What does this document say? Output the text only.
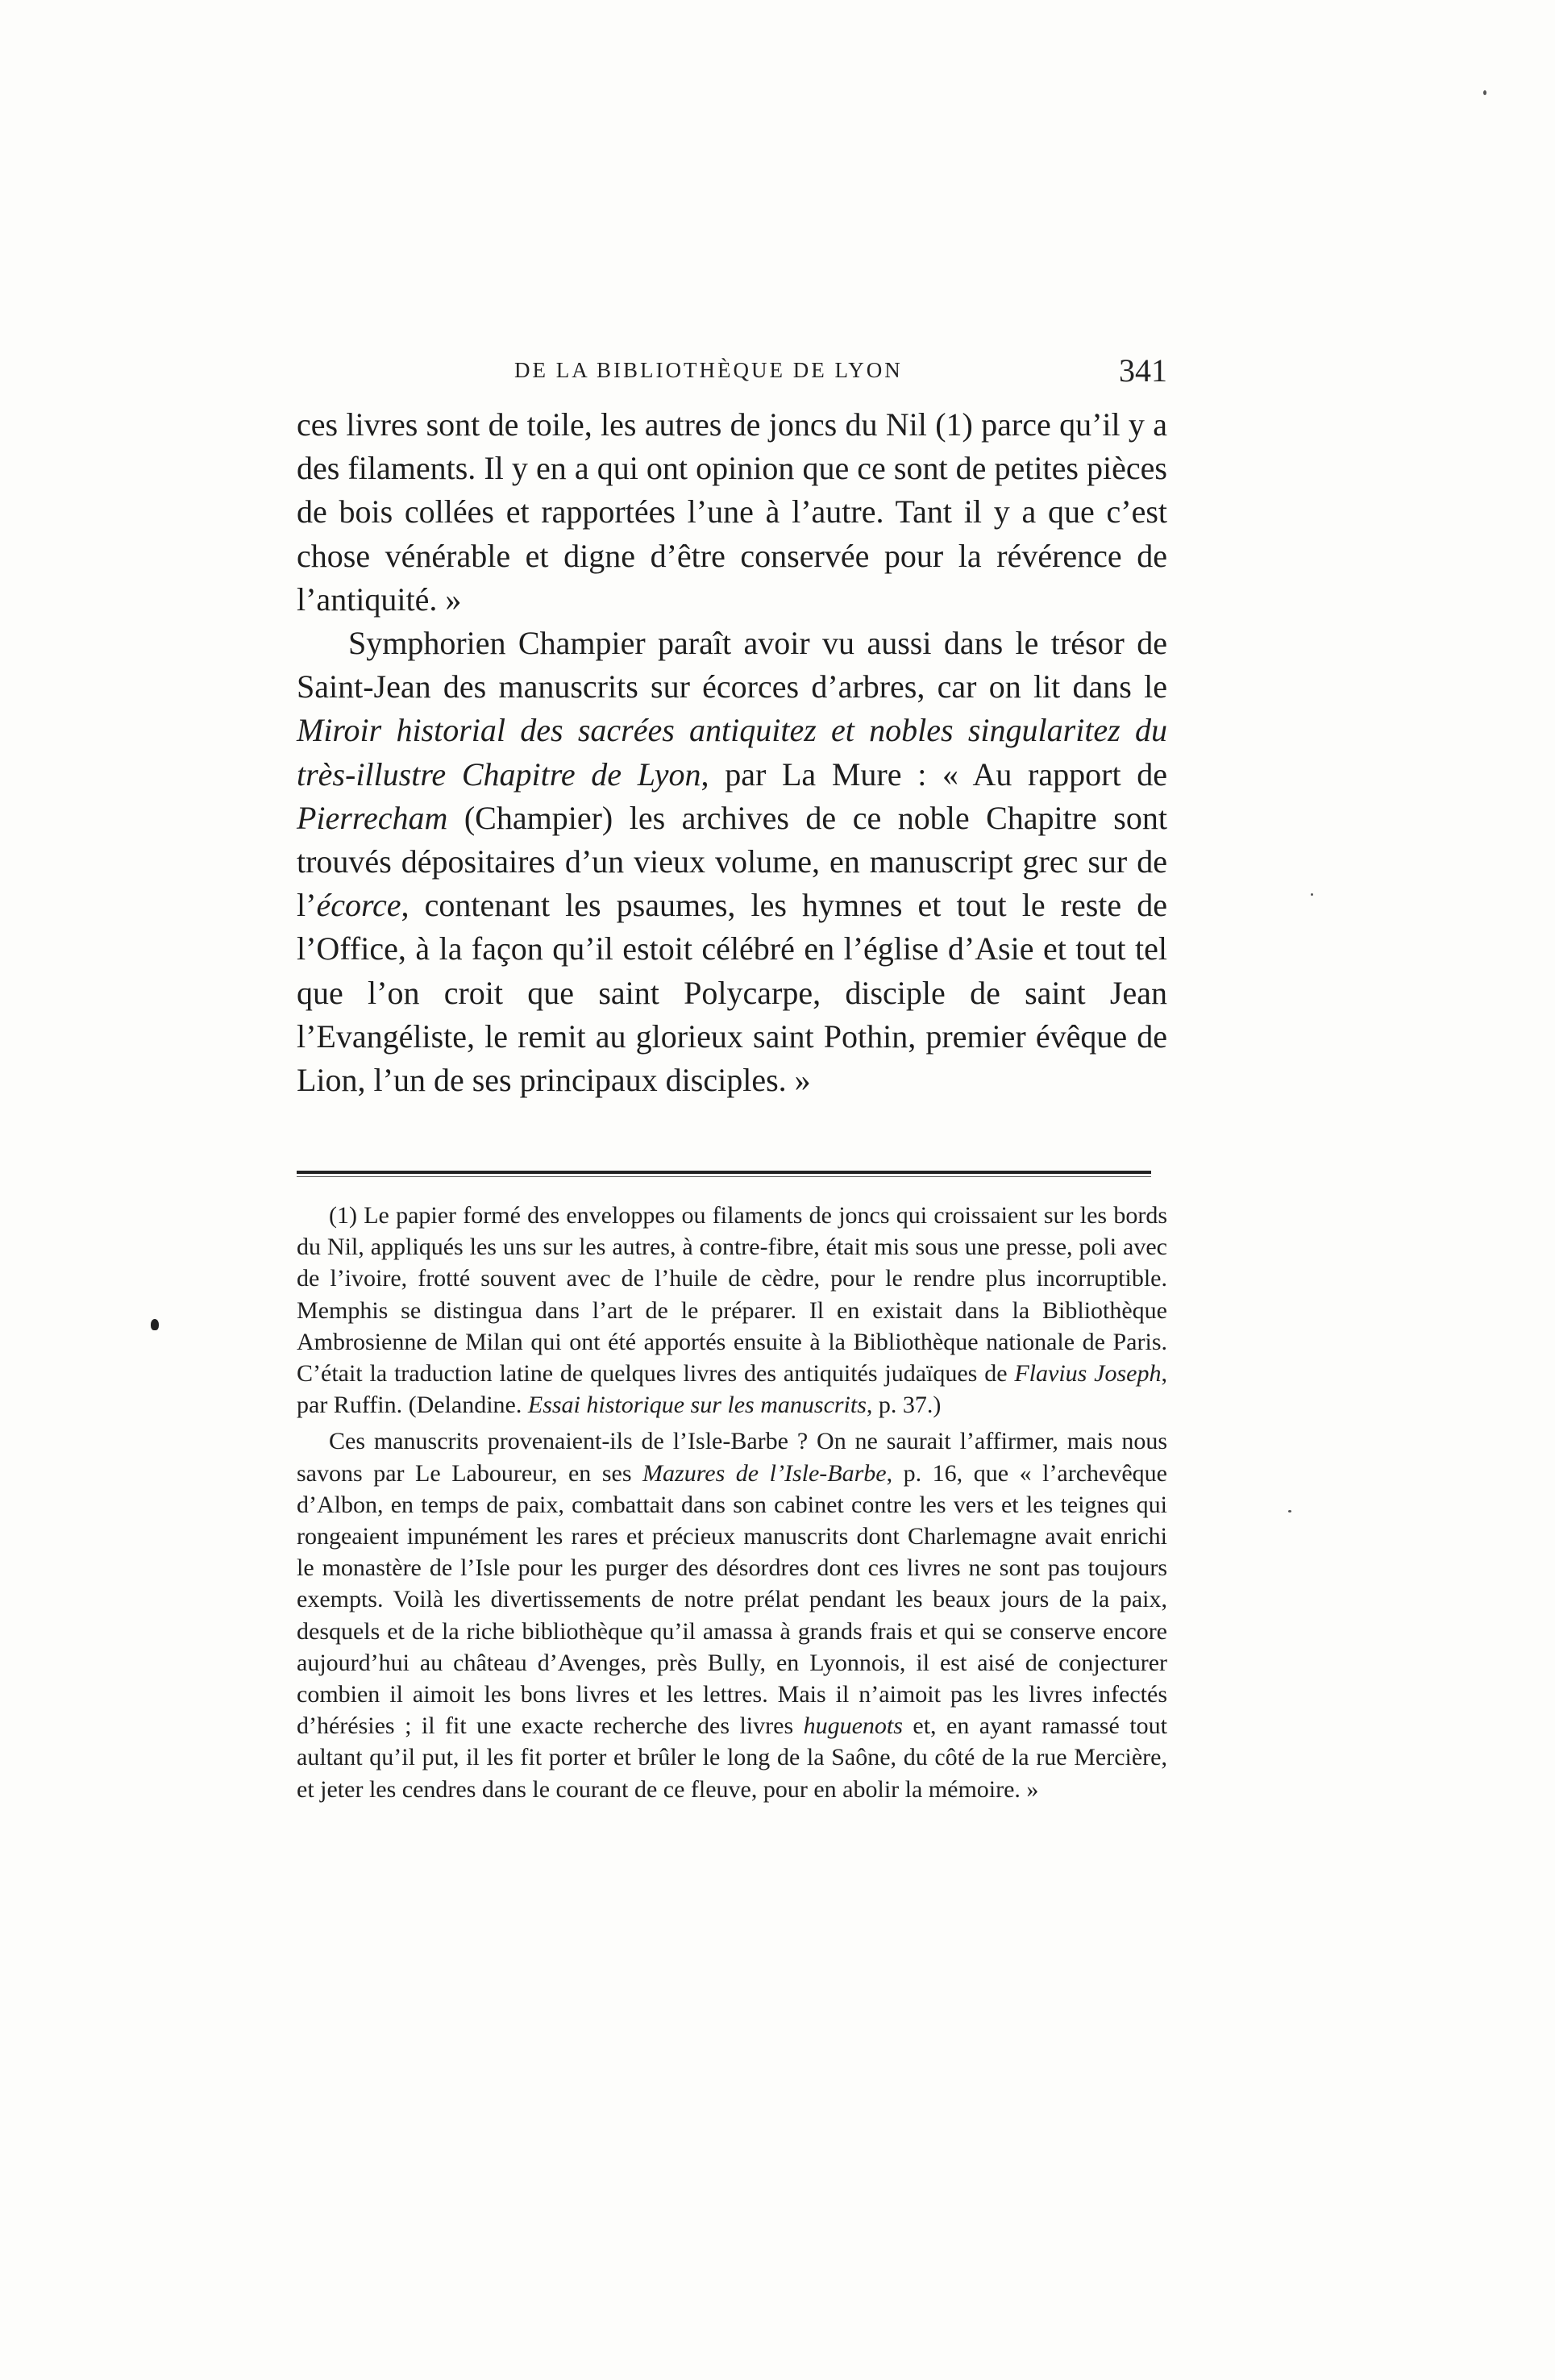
DE LA BIBLIOTHÈQUE DE LYON	341

ces livres sont de toile, les autres de joncs du Nil (1) parce qu’il y a des filaments. Il y en a qui ont opinion que ce sont de petites pièces de bois collées et rapportées l’une à l’autre. Tant il y a que c’est chose vénérable et digne d’être conservée pour la révérence de l’antiquité. »

Symphorien Champier paraît avoir vu aussi dans le trésor de Saint-Jean des manuscrits sur écorces d’arbres, car on lit dans le Miroir historial des sacrées antiquitez et nobles singularitez du très-illustre Chapitre de Lyon, par La Mure : « Au rapport de Pierrecham (Champier) les archives de ce noble Chapitre sont trouvés dépositaires d’un vieux volume, en manuscript grec sur de l’écorce, contenant les psaumes, les hymnes et tout le reste de l’Office, à la façon qu’il estoit célébré en l’église d’Asie et tout tel que l’on croit que saint Polycarpe, disciple de saint Jean l’Evangéliste, le remit au glorieux saint Pothin, premier évêque de Lion, l’un de ses principaux disciples. »

(1) Le papier formé des enveloppes ou filaments de joncs qui croissaient sur les bords du Nil, appliqués les uns sur les autres, à contre-fibre, était mis sous une presse, poli avec de l’ivoire, frotté souvent avec de l’huile de cèdre, pour le rendre plus incorruptible. Memphis se distingua dans l’art de le préparer. Il en existait dans la Bibliothèque Ambrosienne de Milan qui ont été apportés ensuite à la Bibliothèque nationale de Paris. C’était la traduction latine de quelques livres des antiquités judaïques de Flavius Joseph, par Ruffin. (Delandine. Essai historique sur les manuscrits, p. 37.)

Ces manuscrits provenaient-ils de l’Isle-Barbe ? On ne saurait l’affirmer, mais nous savons par Le Laboureur, en ses Mazures de l’Isle-Barbe, p. 16, que « l’archevêque d’Albon, en temps de paix, combattait dans son cabinet contre les vers et les teignes qui rongeaient impunément les rares et précieux manuscrits dont Charlemagne avait enrichi le monastère de l’Isle pour les purger des désordres dont ces livres ne sont pas toujours exempts. Voilà les divertissements de notre prélat pendant les beaux jours de la paix, desquels et de la riche bibliothèque qu’il amassa à grands frais et qui se conserve encore aujourd’hui au château d’Avenges, près Bully, en Lyonnois, il est aisé de conjecturer combien il aimoit les bons livres et les lettres. Mais il n’aimoit pas les livres infectés d’hérésies ; il fit une exacte recherche des livres huguenots et, en ayant ramassé tout aultant qu’il put, il les fit porter et brûler le long de la Saône, du côté de la rue Mercière, et jeter les cendres dans le courant de ce fleuve, pour en abolir la mémoire. »
